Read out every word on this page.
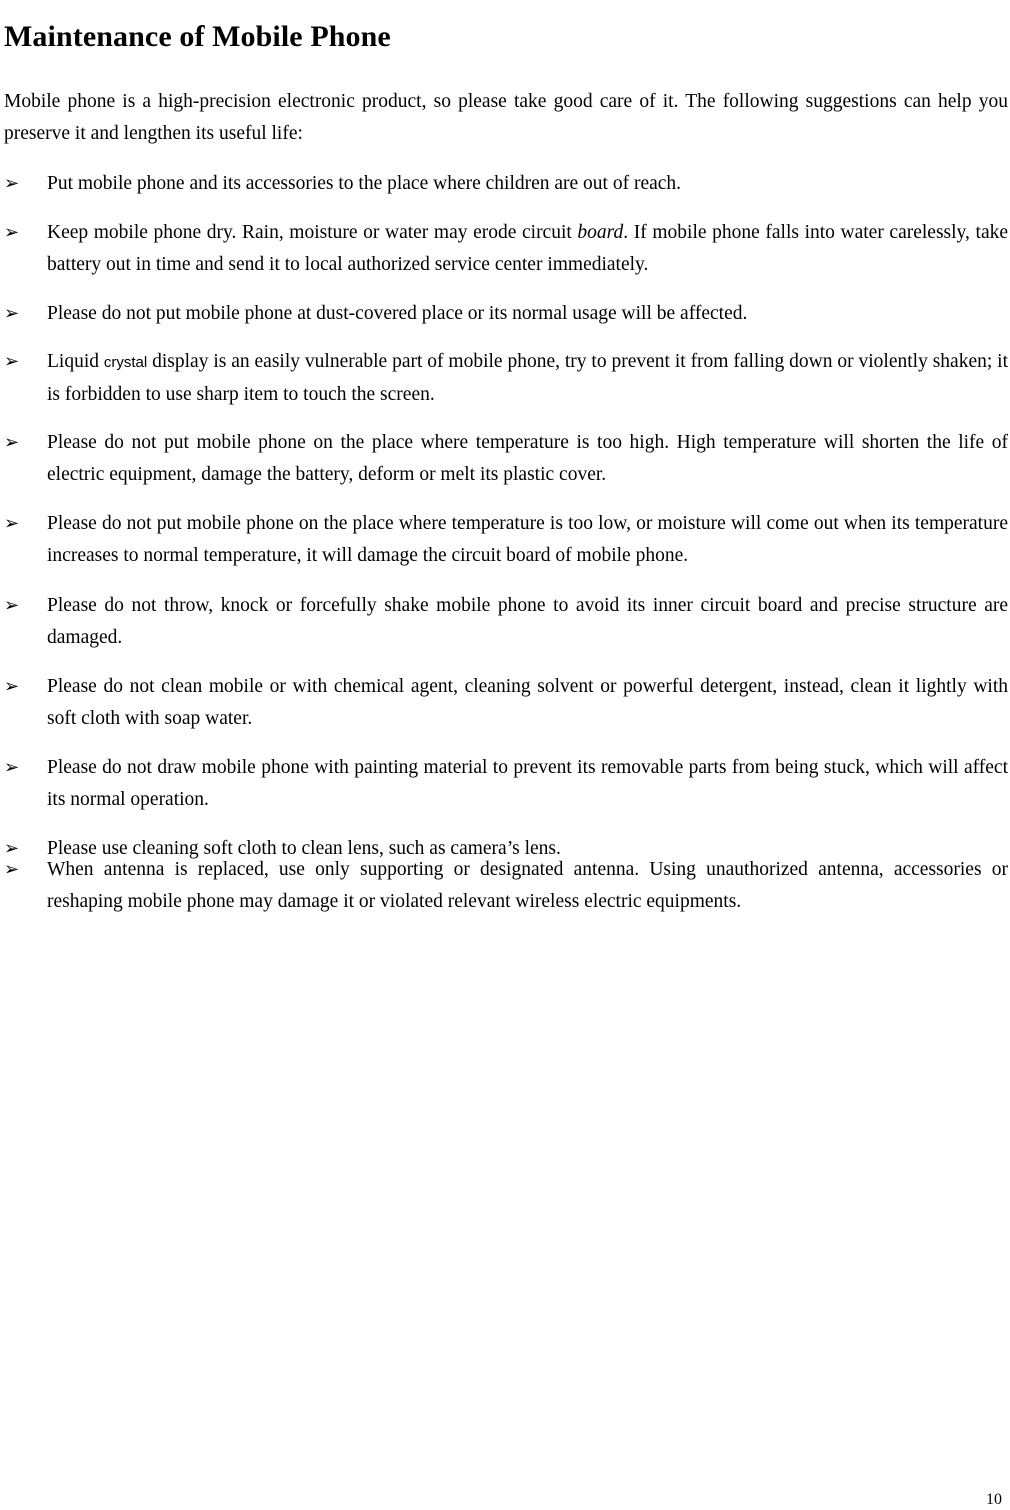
Maintenance of Mobile Phone

Mobile phone is a high-precision electronic product, so please take good care of it. The following suggestions can help you preserve it and lengthen its useful life:

➢ Put mobile phone and its accessories to the place where children are out of reach.

➢ Keep mobile phone dry. Rain, moisture or water may erode circuit board. If mobile phone falls into water carelessly, take battery out in time and send it to local authorized service center immediately.

➢ Please do not put mobile phone at dust-covered place or its normal usage will be affected.

➢ Liquid crystal display is an easily vulnerable part of mobile phone, try to prevent it from falling down or violently shaken; it is forbidden to use sharp item to touch the screen.

➢ Please do not put mobile phone on the place where temperature is too high. High temperature will shorten the life of electric equipment, damage the battery, deform or melt its plastic cover.

➢ Please do not put mobile phone on the place where temperature is too low, or moisture will come out when its temperature increases to normal temperature, it will damage the circuit board of mobile phone.

➢ Please do not throw, knock or forcefully shake mobile phone to avoid its inner circuit board and precise structure are damaged.

➢ Please do not clean mobile or with chemical agent, cleaning solvent or powerful detergent, instead, clean it lightly with soft cloth with soap water.

➢ Please do not draw mobile phone with painting material to prevent its removable parts from being stuck, which will affect its normal operation.

➢ Please use cleaning soft cloth to clean lens, such as camera’s lens.

➢ When antenna is replaced, use only supporting or designated antenna. Using unauthorized antenna, accessories or reshaping mobile phone may damage it or violated relevant wireless electric equipments.

10
